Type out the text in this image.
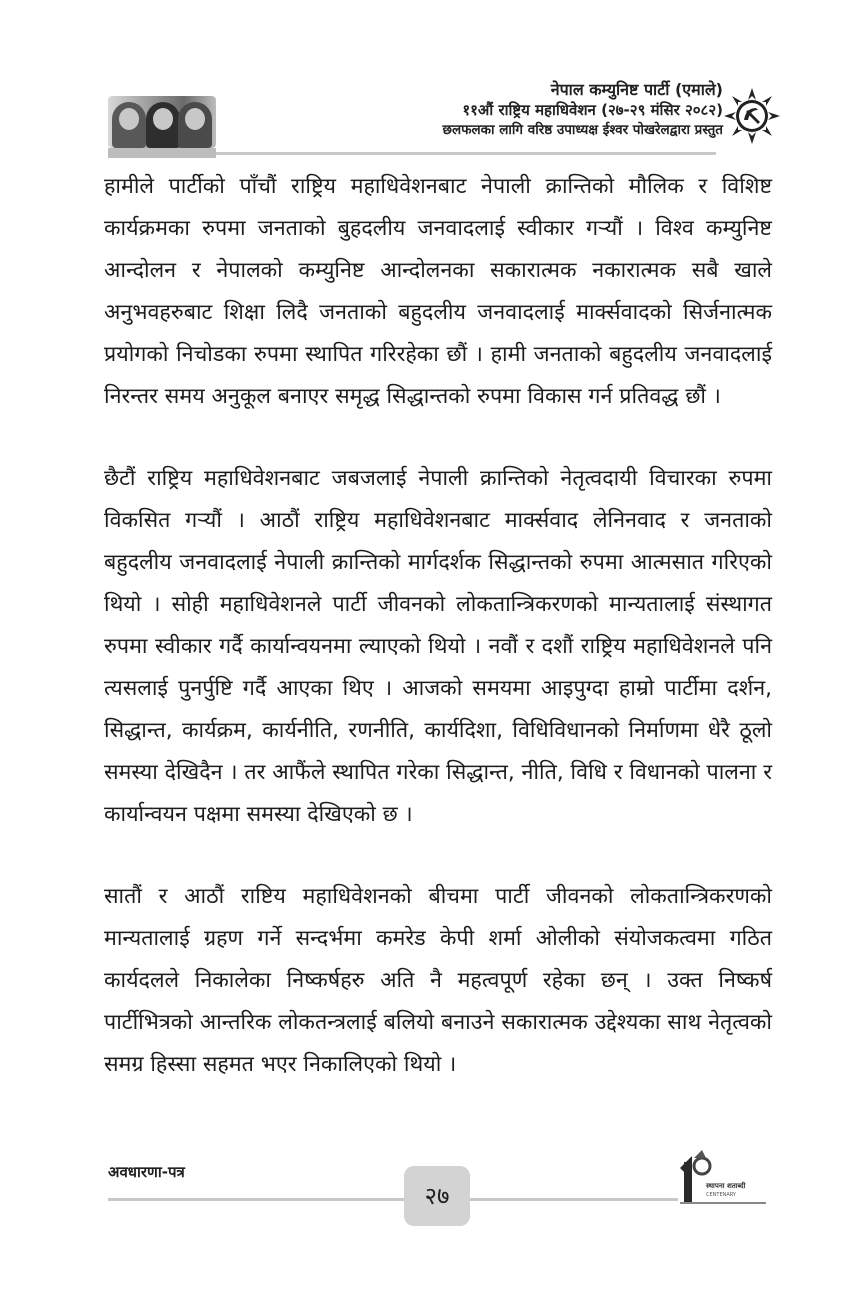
नेपाल कम्युनिष्ट पार्टी (एमाले)
११औं राष्ट्रिय महाधिवेशन (२७-२९ मंसिर २०८२)
छलफलका लागि वरिष्ठ उपाध्यक्ष ईश्वर पोखरेलद्वारा प्रस्तुत

हामीले पार्टीको पाँचौं राष्ट्रिय महाधिवेशनबाट नेपाली क्रान्तिको मौलिक र विशिष्ट कार्यक्रमका रुपमा जनताको बुहदलीय जनवादलाई स्वीकार गर्‍यौं । विश्व कम्युनिष्ट आन्दोलन र नेपालको कम्युनिष्ट आन्दोलनका सकारात्मक नकारात्मक सबै खाले अनुभवहरुबाट शिक्षा लिदै जनताको बहुदलीय जनवादलाई मार्क्सवादको सिर्जनात्मक प्रयोगको निचोडका रुपमा स्थापित गरिरहेका छौं । हामी जनताको बहुदलीय जनवादलाई निरन्तर समय अनुकूल बनाएर समृद्ध सिद्धान्तको रुपमा विकास गर्न प्रतिवद्ध छौं ।

छैटौं राष्ट्रिय महाधिवेशनबाट जबजलाई नेपाली क्रान्तिको नेतृत्वदायी विचारका रुपमा विकसित गर्‍यौं । आठौं राष्ट्रिय महाधिवेशनबाट मार्क्सवाद लेनिनवाद र जनताको बहुदलीय जनवादलाई नेपाली क्रान्तिको मार्गदर्शक सिद्धान्तको रुपमा आत्मसात गरिएको थियो । सोही महाधिवेशनले पार्टी जीवनको लोकतान्त्रिकरणको मान्यतालाई संस्थागत रुपमा स्वीकार गर्दै कार्यान्वयनमा ल्याएको थियो । नवौं र दशौं राष्ट्रिय महाधिवेशनले पनि त्यसलाई पुनर्पुष्टि गर्दै आएका थिए । आजको समयमा आइपुग्दा हाम्रो पार्टीमा दर्शन, सिद्धान्त, कार्यक्रम, कार्यनीति, रणनीति, कार्यदिशा, विधिविधानको निर्माणमा धेरै ठूलो समस्या देखिदैन । तर आफैंले स्थापित गरेका सिद्धान्त, नीति, विधि र विधानको पालना र कार्यान्वयन पक्षमा समस्या देखिएको छ ।

सातौं र आठौं राष्टिय महाधिवेशनको बीचमा पार्टी जीवनको लोकतान्त्रिकरणको मान्यतालाई ग्रहण गर्ने सन्दर्भमा कमरेड केपी शर्मा ओलीको संयोजकत्वमा गठित कार्यदलले निकालेका निष्कर्षहरु अति नै महत्वपूर्ण रहेका छन् । उक्त निष्कर्ष पार्टीभित्रको आन्तरिक लोकतन्त्रलाई बलियो बनाउने सकारात्मक उद्देश्यका साथ नेतृत्वको समग्र हिस्सा सहमत भएर निकालिएको थियो ।

अवधारणा-पत्र
२७	स्थापना शताब्दी
CENTENARY
